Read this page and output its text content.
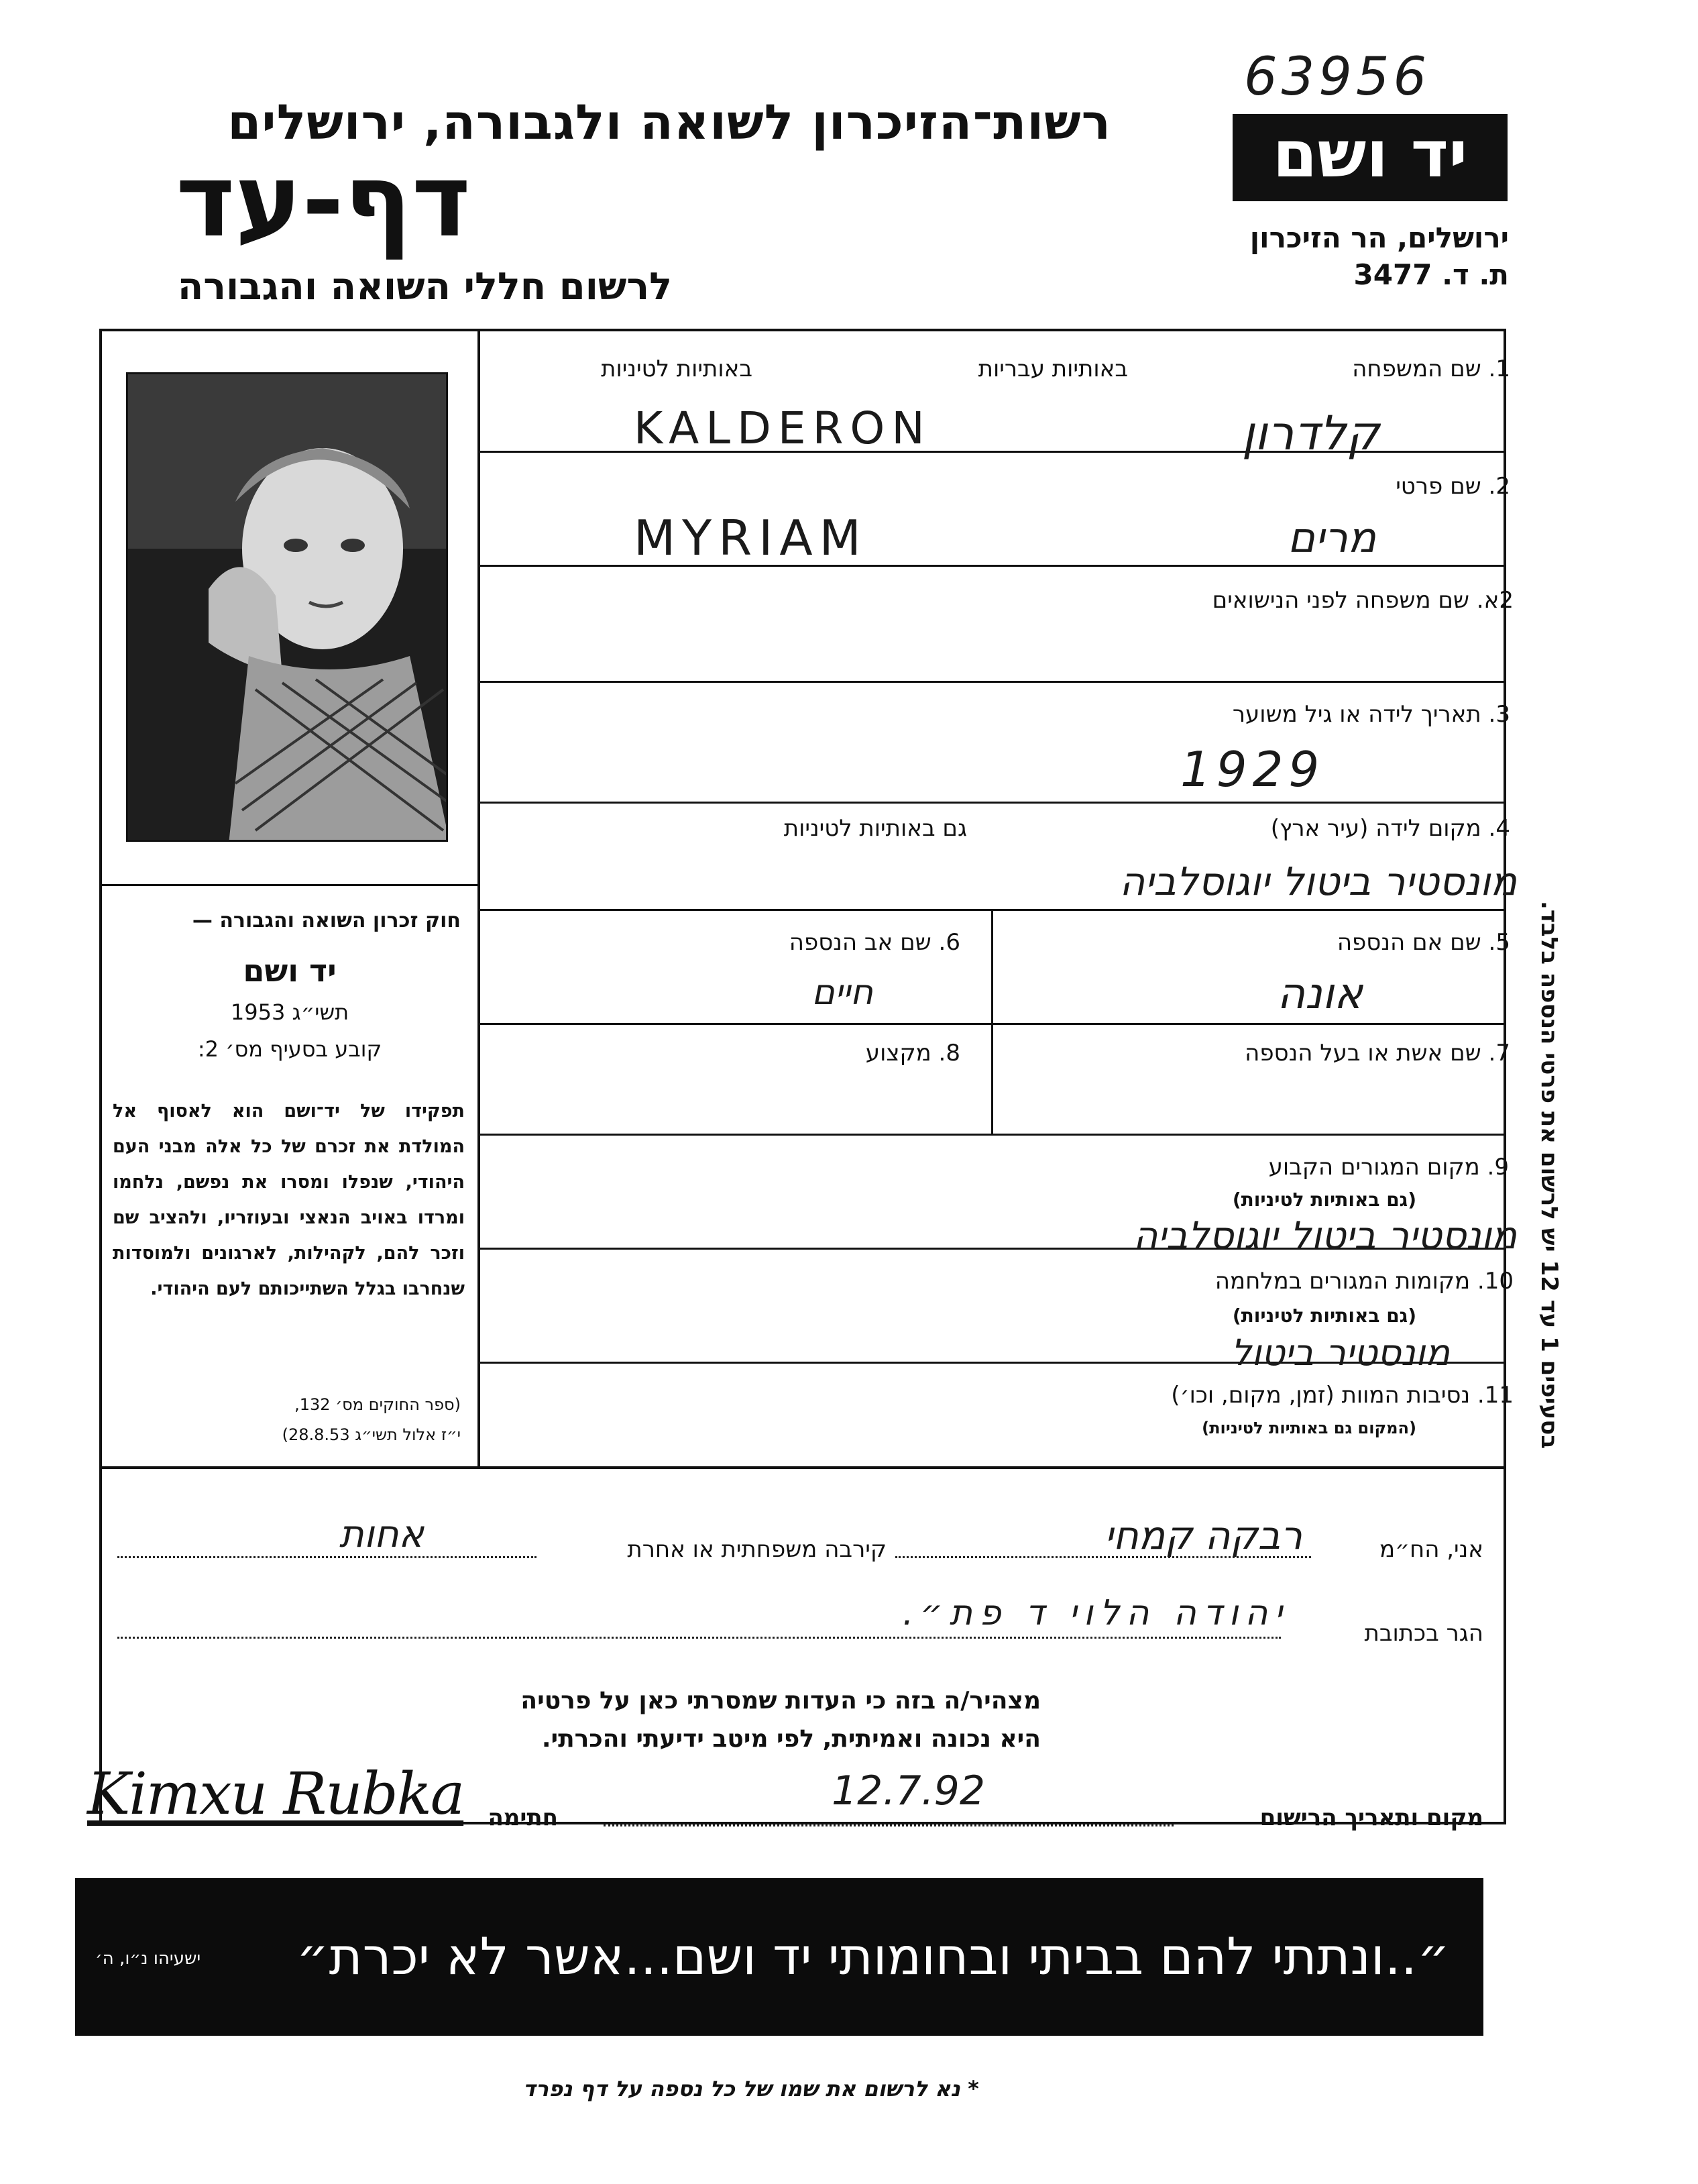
63956
רשות־הזיכרון לשואה ולגבורה, ירושלים
דף-עד
לרשום חללי השואה והגבורה
יד ושם
ירושלים, הר הזיכרון
ת. ד. 3477
חוק זכרון השואה והגבורה —
יד ושם
תשי״ג 1953
קובע בסעיף מס׳ 2:
תפקידו של יד־ושם הוא לאסוף אל המולדת את זכרם של כל אלה מבני העם היהודי, שנפלו ומסרו את נפשם, נלחמו ומרדו באויב הנאצי ובעוזריו, ולהציב שם וזכר להם, לקהילות, לארגונים ולמוסדות שנחרבו בגלל השתייכותם לעם היהודי.
(ספר החוקים מס׳ 132,
י״ז אלול תשי״ג 28.8.53)
1. שם המשפחה
באותיות עבריות
באותיות לטיניות
KALDERON	קלדרון
2. שם פרטי
MYRIAM	מרים
2א. שם משפחה לפני הנישואים
3. תאריך לידה או גיל משוער
1929
4. מקום לידה (עיר ארץ)
גם באותיות לטיניות
מונסטיר ביטול יוגוסלביה
5. שם אם הנספה
אונה
6. שם אב הנספה
חיים
7. שם אשת או בעל הנספה
8. מקצוע
9. מקום המגורים הקבוע
(גם באותיות לטיניות)
מונסטיר ביטול יוגוסלביה
10. מקומות המגורים במלחמה
(גם באותיות לטיניות)
מונסטיר ביטול
11. נסיבות המוות (זמן, מקום, וכו׳)
(המקום גם באותיות לטיניות)
בסעיפים 1 עד 12 יש לרשום את פרטי הנספה בלבד.
אני, הח״מ
רבקה קמחי
קירבה משפחתית או אחרת
אחות
הגר בכתובת
יהודה הלוי ד פת״.
מצהיר/ה בזה כי העדות שמסרתי כאן על פרטיה
היא נכונה ואמיתית, לפי מיטב ידיעתי והכרתי.
מקום ותאריך הרישום
12.7.92
חתימה
Kimxu Rubka
״..ונתתי להם בביתי ובחומותי יד ושם...אשר לא יכרת״
ישעיהו נ״ו, ה׳
* נא לרשום את שמו של כל נספה על דף נפרד
